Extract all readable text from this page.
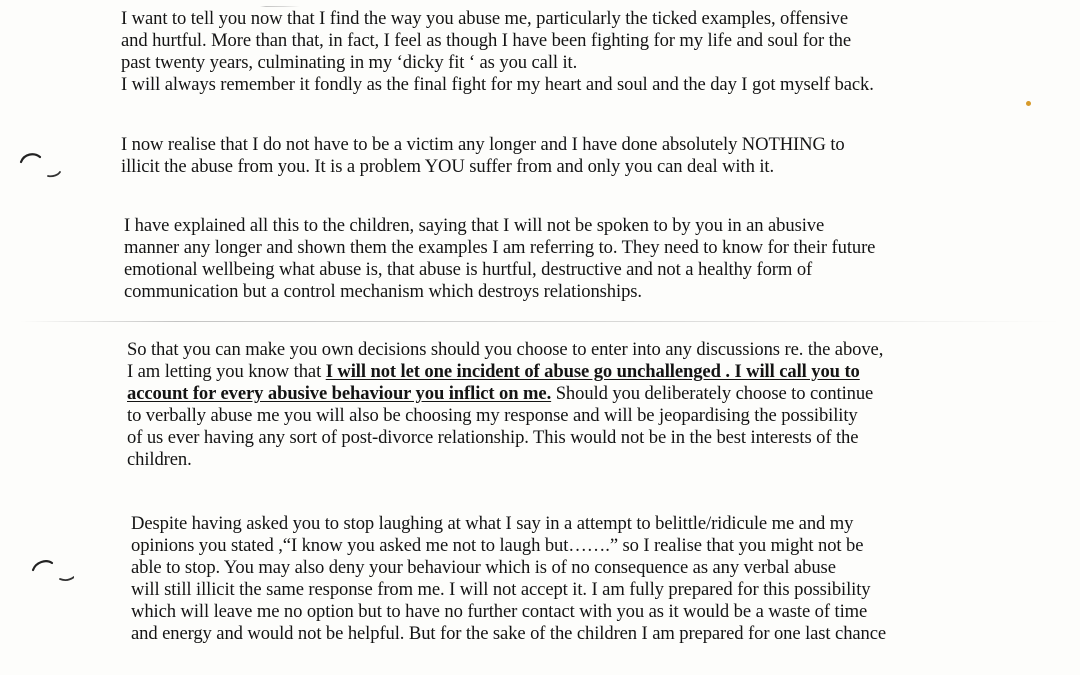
I want to tell you now that I find the way you abuse me, particularly the ticked examples, offensive
and hurtful. More than that, in fact, I feel as though I have been fighting for my life and soul for the
past twenty years, culminating in my ‘dicky fit ‘ as you call it.
I will always remember it fondly as the final fight for my heart and soul and the day I got myself back.
I now realise that I do not have to be a victim any longer and I have done absolutely NOTHING to
illicit the abuse from you. It is a problem YOU suffer from and only you can deal with it.
I have explained all this to the children, saying that I will not be spoken to by you in an abusive
manner any longer and shown them the examples I am referring to. They need to know for their future
emotional wellbeing what abuse is, that abuse is hurtful, destructive and not a healthy form of
communication but a control mechanism which destroys relationships.
So that you can make you own decisions should you choose to enter into any discussions re. the above,
I am letting you know that I will not let one incident of abuse go unchallenged . I will call you to
account for every abusive behaviour you inflict on me. Should you deliberately choose to continue
to verbally abuse me you will also be choosing my response and will be jeopardising the possibility
of us ever having any sort of post-divorce relationship. This would not be in the best interests of the
children.
Despite having asked you to stop laughing at what I say in a attempt to belittle/ridicule me and my
opinions you stated ,“I know you asked me not to laugh but…….” so I realise that you might not be
able to stop. You may also deny your behaviour which is of no consequence as any verbal abuse
will still illicit the same response from me. I will not accept it. I am fully prepared for this possibility
which will leave me no option but to have no further contact with you as it would be a waste of time
and energy and would not be helpful. But for the sake of the children I am prepared for one last chance
